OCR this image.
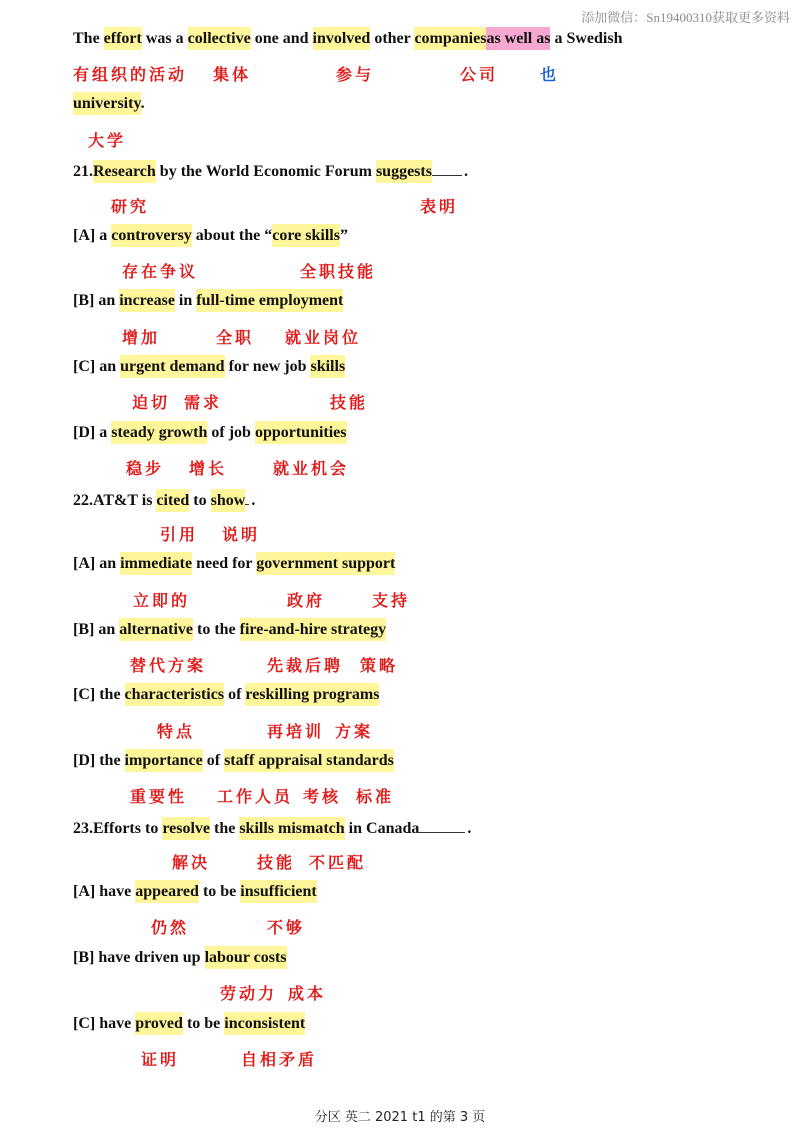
添加微信：Sn19400310获取更多资料
The effort was a collective one and involved other companiesas well as a Swedish
有组织的活动 集体	参与	公司	也
university.
大学
21.Research by the World Economic Forum suggests .
研究	表明
[A] a controversy about the “core skills”
存在争议	全职技能
[B] an increase in full-time employment
增加	全职 就业岗位
[C] an urgent demand for new job skills
迫切 需求	技能
[D] a steady growth of job opportunities
稳步 增长	就业机会
22.AT&T is cited to show .
引用 说明
[A] an immediate need for government support
立即的	政府	支持
[B] an alternative to the fire-and-hire strategy
替代方案	先裁后聘 策略
[C] the characteristics of reskilling programs
特点	再培训 方案
[D] the importance of staff appraisal standards
重要性 工作人员 考核 标准
23.Efforts to resolve the skills mismatch in Canada	.
解决	技能 不匹配
[A] have appeared to be insufficient
仍然	不够
[B] have driven up labour costs
劳动力 成本
[C] have proved to be inconsistent
证明	自相矛盾
分区 英二 2021 t1 的第 3 页
